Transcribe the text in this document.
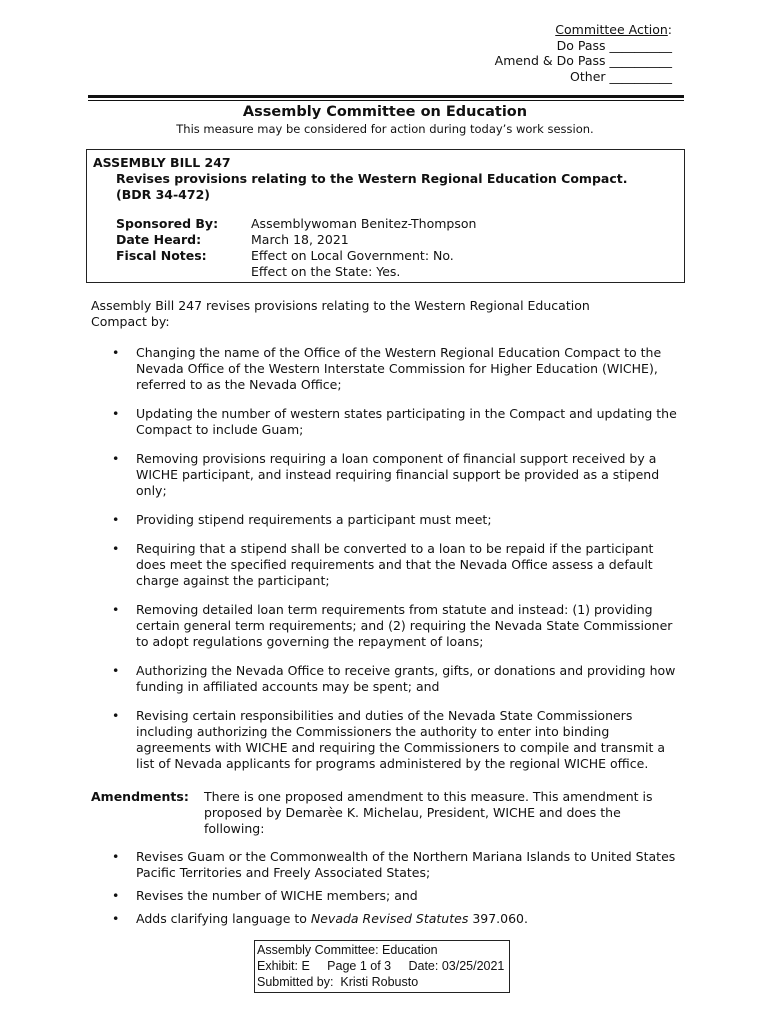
Committee Action:
Do Pass __________
Amend & Do Pass __________
Other __________
Assembly Committee on Education
This measure may be considered for action during today’s work session.
ASSEMBLY BILL 247
Revises provisions relating to the Western Regional Education Compact.
(BDR 34-472)
Sponsored By:
Date Heard:
Fiscal Notes:
Assemblywoman Benitez-Thompson
March 18, 2021
Effect on Local Government: No.
Effect on the State: Yes.
Assembly Bill 247 revises provisions relating to the Western Regional Education Compact by:
• Changing the name of the Office of the Western Regional Education Compact to the Nevada Office of the Western Interstate Commission for Higher Education (WICHE), referred to as the Nevada Office;
• Updating the number of western states participating in the Compact and updating the Compact to include Guam;
• Removing provisions requiring a loan component of financial support received by a WICHE participant, and instead requiring financial support be provided as a stipend only;
• Providing stipend requirements a participant must meet;
• Requiring that a stipend shall be converted to a loan to be repaid if the participant does meet the specified requirements and that the Nevada Office assess a default charge against the participant;
• Removing detailed loan term requirements from statute and instead: (1) providing certain general term requirements; and (2) requiring the Nevada State Commissioner to adopt regulations governing the repayment of loans;
• Authorizing the Nevada Office to receive grants, gifts, or donations and providing how funding in affiliated accounts may be spent; and
• Revising certain responsibilities and duties of the Nevada State Commissioners including authorizing the Commissioners the authority to enter into binding agreements with WICHE and requiring the Commissioners to compile and transmit a list of Nevada applicants for programs administered by the regional WICHE office.
Amendments: There is one proposed amendment to this measure. This amendment is proposed by Demarèe K. Michelau, President, WICHE and does the following:
• Revises Guam or the Commonwealth of the Northern Mariana Islands to United States Pacific Territories and Freely Associated States;
• Revises the number of WICHE members; and
• Adds clarifying language to Nevada Revised Statutes 397.060.
Assembly Committee: Education
Exhibit: E     Page 1 of 3     Date: 03/25/2021
Submitted by:  Kristi Robusto
